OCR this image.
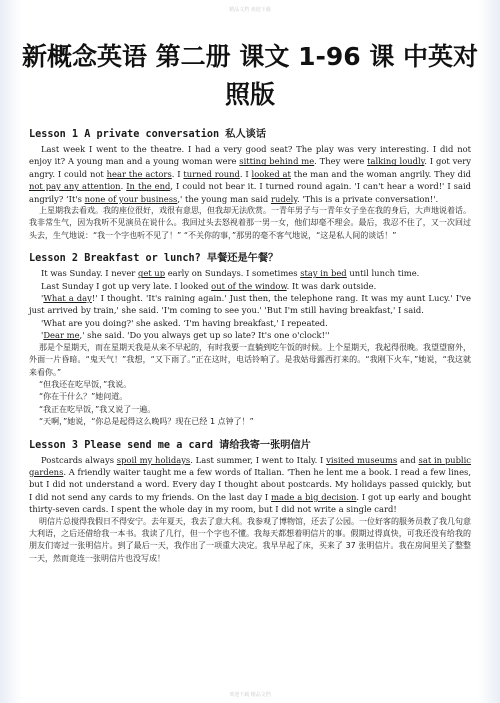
精品文档 欢迎下载
新概念英语 第二册 课文 1-96 课 中英对照版
Lesson 1 A private conversation 私人谈话

Last week I went to the theatre. I had a very good seat? The play was very interesting. I did not enjoy it? A young man and a young woman were sitting behind me. They were talking loudly. I got very angry. I could not hear the actors. I turned round. I looked at the man and the woman angrily. They did not pay any attention. In the end, I could not bear it. I turned round again. 'I can't hear a word!' I said angrily? ‘It's none of your business,' the young man said rudely. 'This is a private conversation!'.

上星期我去看戏。我的座位很好，戏很有意思，但我却无法欣赏。一青年男子与一青年女子坐在我的身后，大声地说着话。我非常生气，因为我听不见演员在说什么。我回过头去怒视着那一男一女，他们却毫不理会。最后，我忍不住了，又一次回过头去，生气地说：“我一个字也听不见了！” “不关你的事，”那男的毫不客气地说，“这是私人间的谈话！”

Lesson 2 Breakfast or lunch? 早餐还是午餐？

It was Sunday. I never get up early on Sundays. I sometimes stay in bed until lunch time.

Last Sunday I got up very late. I looked out of the window. It was dark outside.

'What a day!' I thought. 'It's raining again.' Just then, the telephone rang. It was my aunt Lucy.' I've just arrived by train,' she said. 'I'm coming to see you.' 'But I'm still having breakfast,' I said.

'What are you doing?' she asked. ‘I'm having breakfast,' I repeated.

'Dear me,' she said. 'Do you always get up so late? It's one o'clock!''

那是个星期天，而在星期天我是从来不早起的，有时我要一直躺到吃午饭的时候。上个星期天，我起得很晚。我望望窗外，外面一片昏暗。“鬼天气！”我想，“又下雨了。”正在这时，电话铃响了。是我姑母露西打来的。“我刚下火车，”她说，“我这就来看你。”

“但我还在吃早饭，”我说。

“你在干什么？”她问道。

“我正在吃早饭，”我又说了一遍。

“天啊，”她说，“你总是起得这么晚吗？现在已经 1 点钟了！”

Lesson 3 Please send me a card 请给我寄一张明信片

Postcards always spoil my holidays. Last summer, I went to Italy. I visited museums and sat in public gardens. A friendly waiter taught me a few words of Italian. 'Then he lent me a book. I read a few lines, but I did not understand a word. Every day I thought about postcards. My holidays passed quickly, but I did not send any cards to my friends. On the last day I made a big decision. I got up early and bought thirty-seven cards. I spent the whole day in my room, but I did not write a single card!

明信片总搅得我假日不得安宁。去年夏天，我去了意大利。我参观了博物馆，还去了公园。一位好客的服务员教了我几句意大利语，之后还借给我一本书。我读了几行，但一个字也不懂。我每天都想着明信片的事。假期过得真快，可我还没有给我的朋友们寄过一张明信片。到了最后一天，我作出了一项重大决定。我早早起了床，买来了 37 张明信片。我在房间里关了整整一天，然而竟连一张明信片也没写成！

欢迎下载 精品文档
